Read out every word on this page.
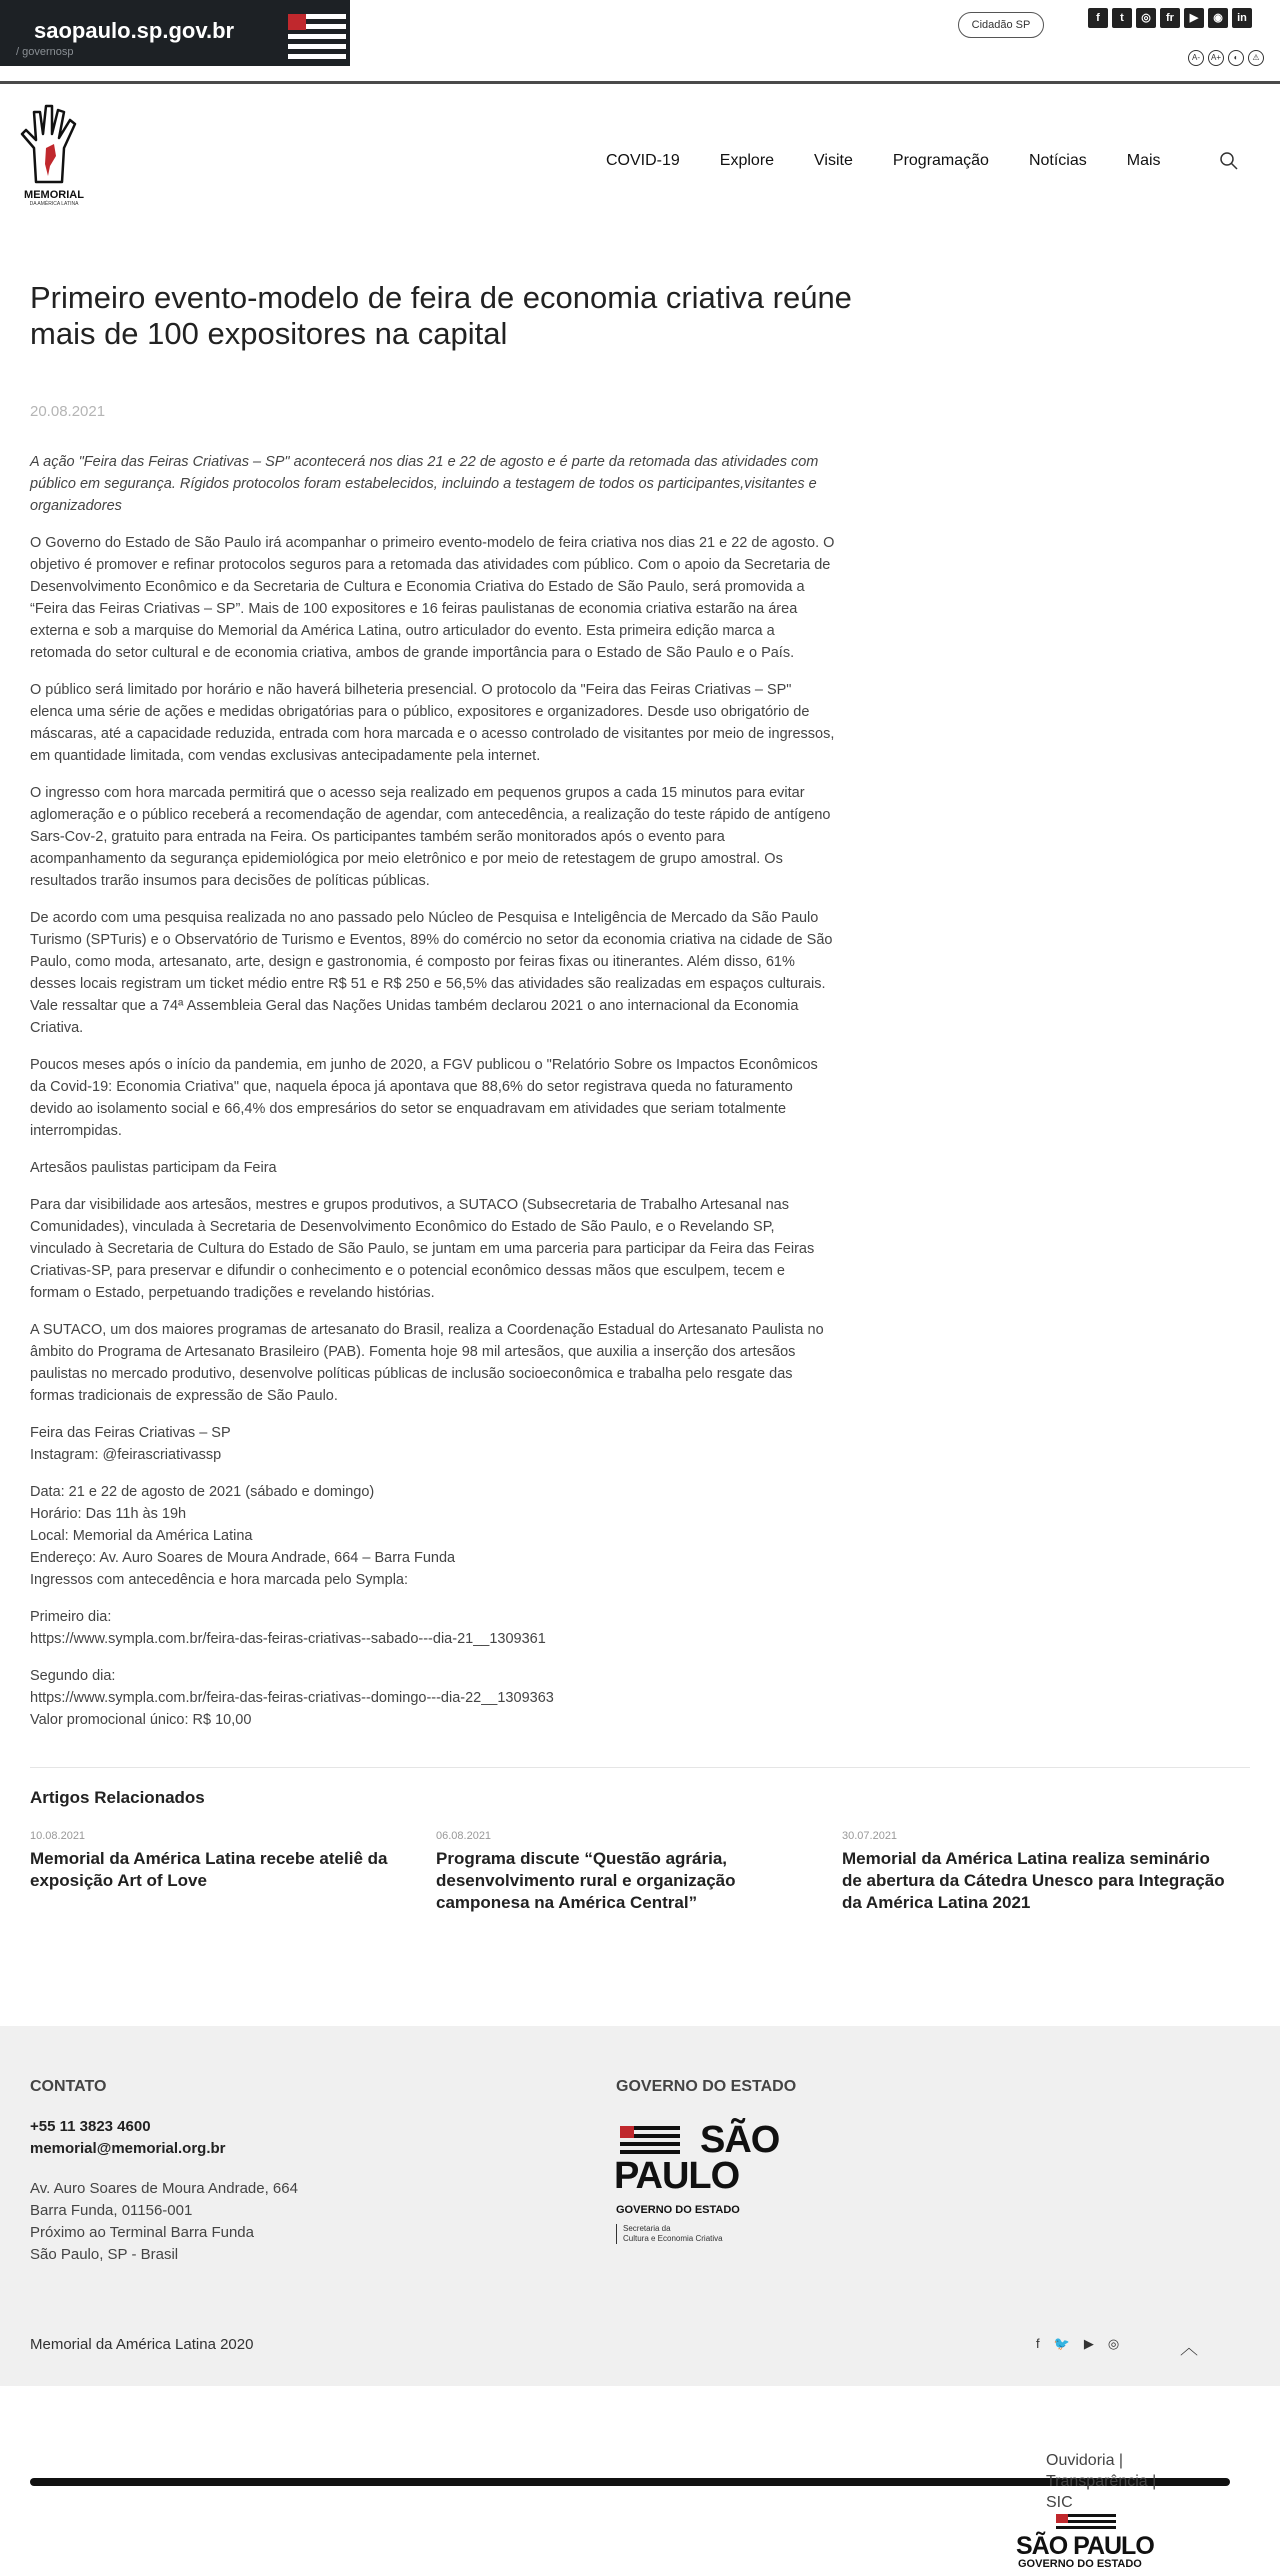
saopaulo.sp.gov.br
/ governosp
Cidadão SP
f	t	◎	fr	▶	◉	in
A-	A+	◐	⚠
MEMORIAL
DA AMÉRICA LATINA
COVID-19	Explore	Visite	Programação	Notícias	Mais
Primeiro evento-modelo de feira de economia criativa reúne mais de 100 expositores na capital
20.08.2021

A ação "Feira das Feiras Criativas – SP" acontecerá nos dias 21 e 22 de agosto e é parte da retomada das atividades com público em segurança. Rígidos protocolos foram estabelecidos, incluindo a testagem de todos os participantes,visitantes e organizadores

O Governo do Estado de São Paulo irá acompanhar o primeiro evento-modelo de feira criativa nos dias 21 e 22 de agosto. O objetivo é promover e refinar protocolos seguros para a retomada das atividades com público. Com o apoio da Secretaria de Desenvolvimento Econômico e da Secretaria de Cultura e Economia Criativa do Estado de São Paulo, será promovida a “Feira das Feiras Criativas – SP”. Mais de 100 expositores e 16 feiras paulistanas de economia criativa estarão na área externa e sob a marquise do Memorial da América Latina, outro articulador do evento. Esta primeira edição marca a retomada do setor cultural e de economia criativa, ambos de grande importância para o Estado de São Paulo e o País.

O público será limitado por horário e não haverá bilheteria presencial. O protocolo da "Feira das Feiras Criativas – SP" elenca uma série de ações e medidas obrigatórias para o público, expositores e organizadores. Desde uso obrigatório de máscaras, até a capacidade reduzida, entrada com hora marcada e o acesso controlado de visitantes por meio de ingressos, em quantidade limitada, com vendas exclusivas antecipadamente pela internet.

O ingresso com hora marcada permitirá que o acesso seja realizado em pequenos grupos a cada 15 minutos para evitar aglomeração e o público receberá a recomendação de agendar, com antecedência, a realização do teste rápido de antígeno Sars-Cov-2, gratuito para entrada na Feira. Os participantes também serão monitorados após o evento para acompanhamento da segurança epidemiológica por meio eletrônico e por meio de retestagem de grupo amostral. Os resultados trarão insumos para decisões de políticas públicas.

De acordo com uma pesquisa realizada no ano passado pelo Núcleo de Pesquisa e Inteligência de Mercado da São Paulo Turismo (SPTuris) e o Observatório de Turismo e Eventos, 89% do comércio no setor da economia criativa na cidade de São Paulo, como moda, artesanato, arte, design e gastronomia, é composto por feiras fixas ou itinerantes. Além disso, 61% desses locais registram um ticket médio entre R$ 51 e R$ 250 e 56,5% das atividades são realizadas em espaços culturais. Vale ressaltar que a 74ª Assembleia Geral das Nações Unidas também declarou 2021 o ano internacional da Economia Criativa.

Poucos meses após o início da pandemia, em junho de 2020, a FGV publicou o "Relatório Sobre os Impactos Econômicos da Covid-19: Economia Criativa" que, naquela época já apontava que 88,6% do setor registrava queda no faturamento devido ao isolamento social e 66,4% dos empresários do setor se enquadravam em atividades que seriam totalmente interrompidas.

Artesãos paulistas participam da Feira

Para dar visibilidade aos artesãos, mestres e grupos produtivos, a SUTACO (Subsecretaria de Trabalho Artesanal nas Comunidades), vinculada à Secretaria de Desenvolvimento Econômico do Estado de São Paulo, e o Revelando SP, vinculado à Secretaria de Cultura do Estado de São Paulo, se juntam em uma parceria para participar da Feira das Feiras Criativas-SP, para preservar e difundir o conhecimento e o potencial econômico dessas mãos que esculpem, tecem e formam o Estado, perpetuando tradições e revelando histórias.

A SUTACO, um dos maiores programas de artesanato do Brasil, realiza a Coordenação Estadual do Artesanato Paulista no âmbito do Programa de Artesanato Brasileiro (PAB). Fomenta hoje 98 mil artesãos, que auxilia a inserção dos artesãos paulistas no mercado produtivo, desenvolve políticas públicas de inclusão socioeconômica e trabalha pelo resgate das formas tradicionais de expressão de São Paulo.

Feira das Feiras Criativas – SP
Instagram: @feirascriativassp

Data: 21 e 22 de agosto de 2021 (sábado e domingo)
Horário: Das 11h às 19h
Local: Memorial da América Latina
Endereço: Av. Auro Soares de Moura Andrade, 664 – Barra Funda
Ingressos com antecedência e hora marcada pelo Sympla:

Primeiro dia:
https://www.sympla.com.br/feira-das-feiras-criativas--sabado---dia-21__1309361

Segundo dia:
https://www.sympla.com.br/feira-das-feiras-criativas--domingo---dia-22__1309363
Valor promocional único: R$ 10,00

Artigos Relacionados
10.08.2021
Memorial da América Latina recebe ateliê da exposição Art of Love
06.08.2021
Programa discute “Questão agrária, desenvolvimento rural e organização camponesa na América Central”
30.07.2021
Memorial da América Latina realiza seminário de abertura da Cátedra Unesco para Integração da América Latina 2021
CONTATO
+55 11 3823 4600
memorial@memorial.org.br
Av. Auro Soares de Moura Andrade, 664
Barra Funda, 01156-001
Próximo ao Terminal Barra Funda
São Paulo, SP - Brasil
GOVERNO DO ESTADO
SÃO
PAULO
GOVERNO DO ESTADO
Secretaria da
Cultura e Economia Criativa
Memorial da América Latina 2020	f 🐦 ▶ ◎	︿
Ouvidoria |
Transparência |
SIC
SÃO PAULO
GOVERNO DO ESTADO
